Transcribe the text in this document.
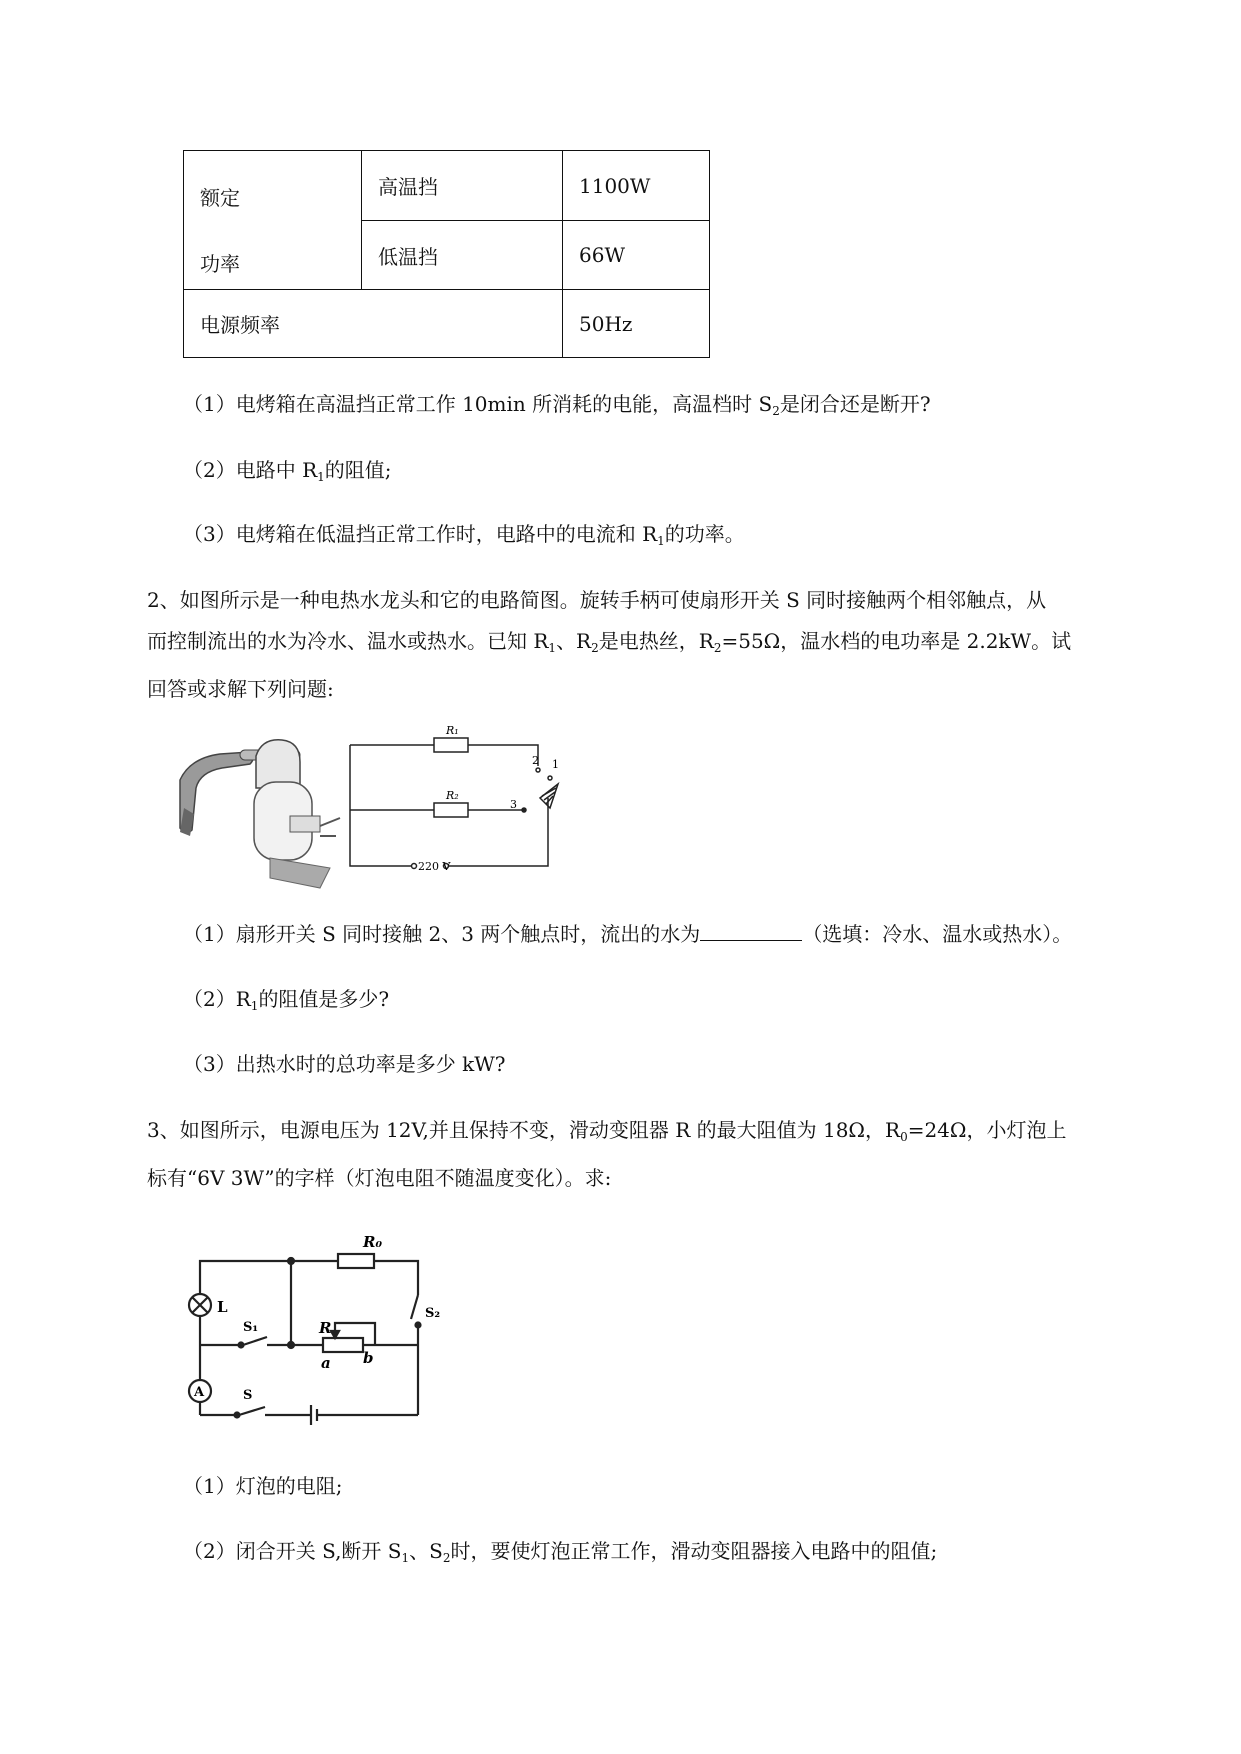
额定
功率	高温挡	1100W
	低温挡	66W
电源频率		50Hz
（1）电烤箱在高温挡正常工作 10min 所消耗的电能，高温档时 $S_2$是闭合还是断开?
（2）电路中 $R_1$的阻值;
（3）电烤箱在低温挡正常工作时，电路中的电流和 $R_1$的功率。
2、如图所示是一种电热水龙头和它的电路简图。旋转手柄可使扇形开关 S 同时接触两个相邻触点，从
而控制流出的水为冷水、温水或热水。已知 $R_1$、$R_2$是电热丝，$R_2=55\Omega$，温水档的电功率是 2.2kW。试
回答或求解下列问题:
R₁
R₂
3
2 1
220 V
（1）扇形开关 S 同时接触 2、3 两个触点时，流出的水为	（选填：冷水、温水或热水）。
$(2)R_1$的阻值是多少?
（3）出热水时的总功率是多少 kW?
3、如图所示，电源电压为 12V,并且保持不变，滑动变阻器 R 的最大阻值为 18Ω，$R_0=24\Omega$，小灯泡上
标有“6V 3W”的字样（灯泡电阻不随温度变化）。求:
R₀
L	S₂
S₁	R
a b
A	S
（1）灯泡的电阻;
（2）闭合开关 S,断开 $S_1$、$S_2$时，要使灯泡正常工作，滑动变阻器接入电路中的阻值;
